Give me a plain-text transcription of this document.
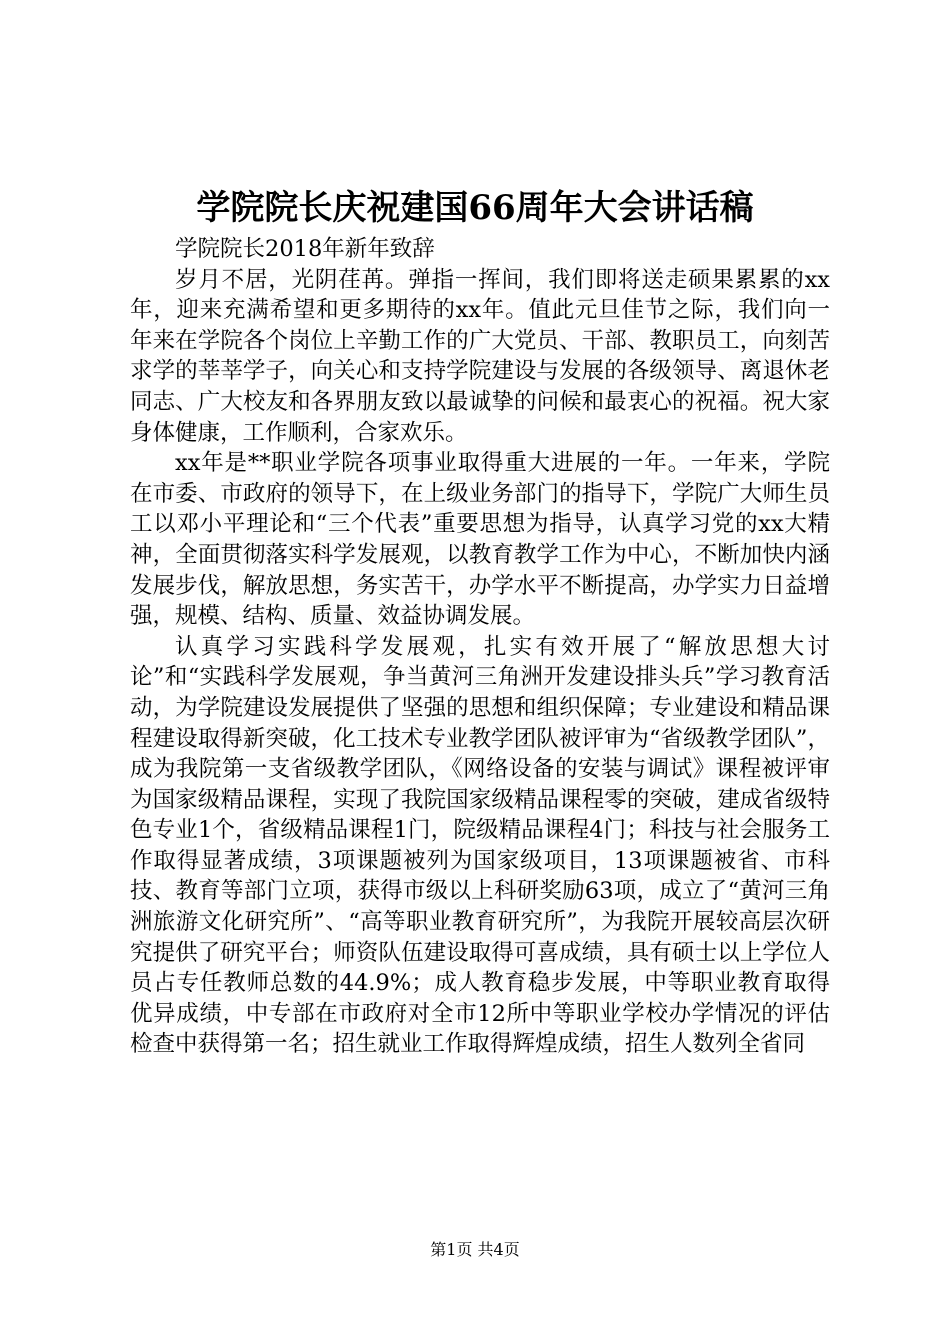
学院院长庆祝建国66周年大会讲话稿

学院院长2018年新年致辞

岁月不居，光阴荏苒。弹指一挥间，我们即将送走硕果累累的xx年，迎来充满希望和更多期待的xx年。值此元旦佳节之际，我们向一年来在学院各个岗位上辛勤工作的广大党员、干部、教职员工，向刻苦求学的莘莘学子，向关心和支持学院建设与发展的各级领导、离退休老同志、广大校友和各界朋友致以最诚挚的问候和最衷心的祝福。祝大家身体健康，工作顺利，合家欢乐。

xx年是**职业学院各项事业取得重大进展的一年。一年来，学院在市委、市政府的领导下，在上级业务部门的指导下，学院广大师生员工以邓小平理论和“三个代表”重要思想为指导，认真学习党的xx大精神，全面贯彻落实科学发展观，以教育教学工作为中心，不断加快内涵发展步伐，解放思想，务实苦干，办学水平不断提高，办学实力日益增强，规模、结构、质量、效益协调发展。

认真学习实践科学发展观，扎实有效开展了“解放思想大讨论”和“实践科学发展观，争当黄河三角洲开发建设排头兵”学习教育活动，为学院建设发展提供了坚强的思想和组织保障；专业建设和精品课程建设取得新突破，化工技术专业教学团队被评审为“省级教学团队”，成为我院第一支省级教学团队，《网络设备的安装与调试》课程被评审为国家级精品课程，实现了我院国家级精品课程零的突破，建成省级特色专业1个，省级精品课程1门，院级精品课程4门；科技与社会服务工作取得显著成绩，3项课题被列为国家级项目，13项课题被省、市科技、教育等部门立项，获得市级以上科研奖励63项，成立了“黄河三角洲旅游文化研究所”、“高等职业教育研究所”，为我院开展较高层次研究提供了研究平台；师资队伍建设取得可喜成绩，具有硕士以上学位人员占专任教师总数的44.9%；成人教育稳步发展，中等职业教育取得优异成绩，中专部在市政府对全市12所中等职业学校办学情况的评估检查中获得第一名；招生就业工作取得辉煌成绩，招生人数列全省同

第1页 共4页
